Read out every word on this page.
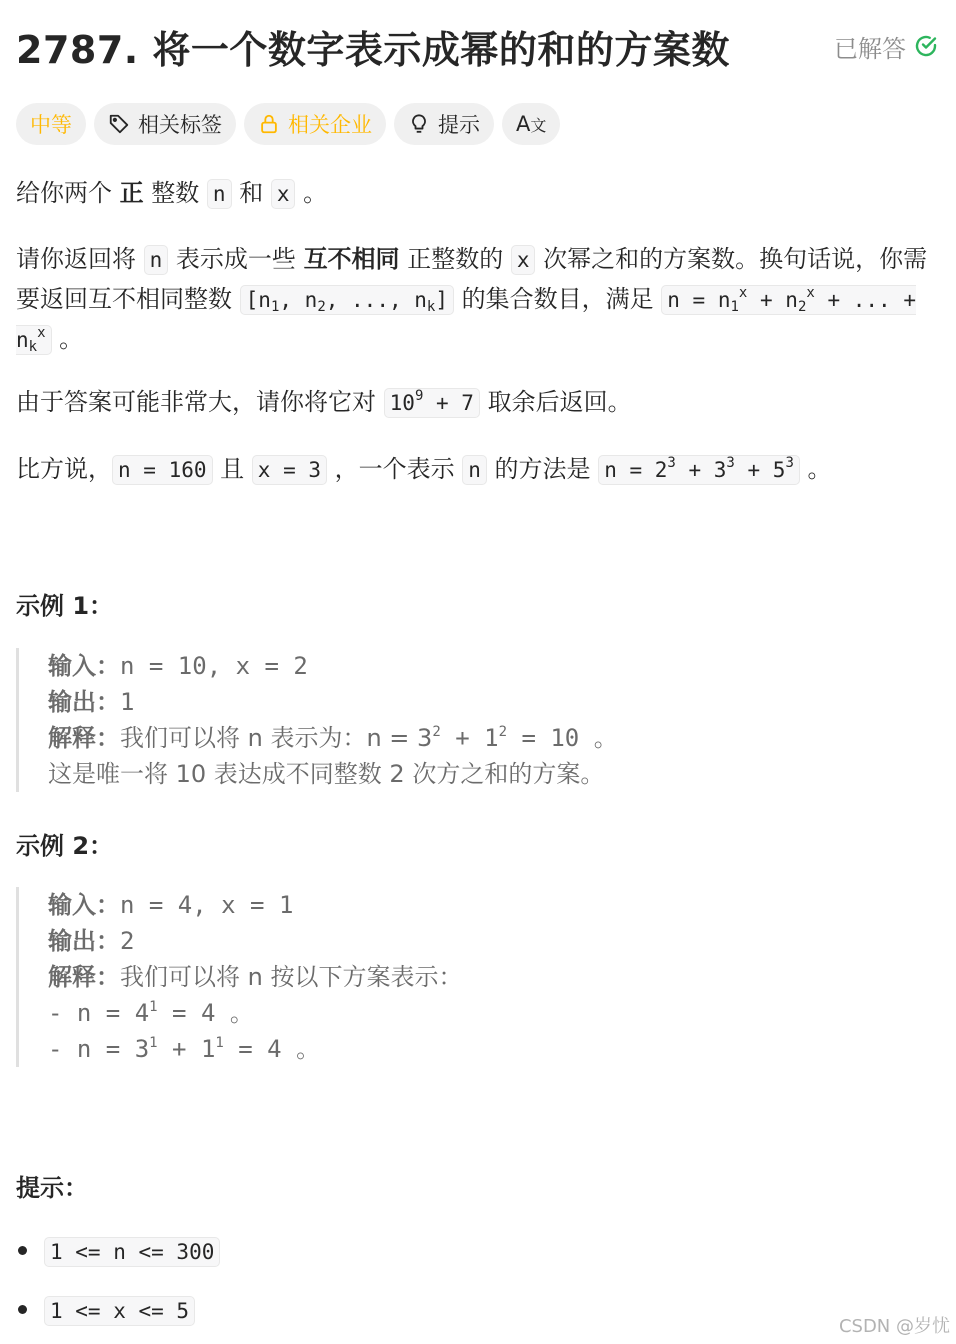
2787. 将一个数字表示成幂的和的方案数	已解答
中等	相关标签	相关企业	提示 A文
给你两个 正 整数 n 和 x 。
请你返回将 n 表示成一些 互不相同 正整数的 x 次幂之和的方案数。换句话说，你需要返回互不相同整数 [$n_1$, $n_2$, ..., $n_k$] 的集合数目，满足 $n = n_1^x + n_2^x$ + ... + $n_k^x$ 。
由于答案可能非常大，请你将它对 $10^9 + 7$ 取余后返回。
比方说， n = 160 且 x = 3 ，一个表示 n 的方法是 $n = 2^3 + 3^3 + 5^3$ 。
示例 1：
输入：n = 10, x = 2
输出：1
解释：我们可以将 n 表示为：$n = 3^2 + 1^2 = 10$ 。
这是唯一将 10 表达成不同整数 2 次方之和的方案。
示例 2：
输入：n = 4, x = 1
输出：2
解释：我们可以将 n 按以下方案表示：
- $n = 4^1 = 4$ 。
- $n = 3^1 + 1^1 = 4$ 。
提示：
1 <= n <= 300
1 <= x <= 5
CSDN @岁忧
